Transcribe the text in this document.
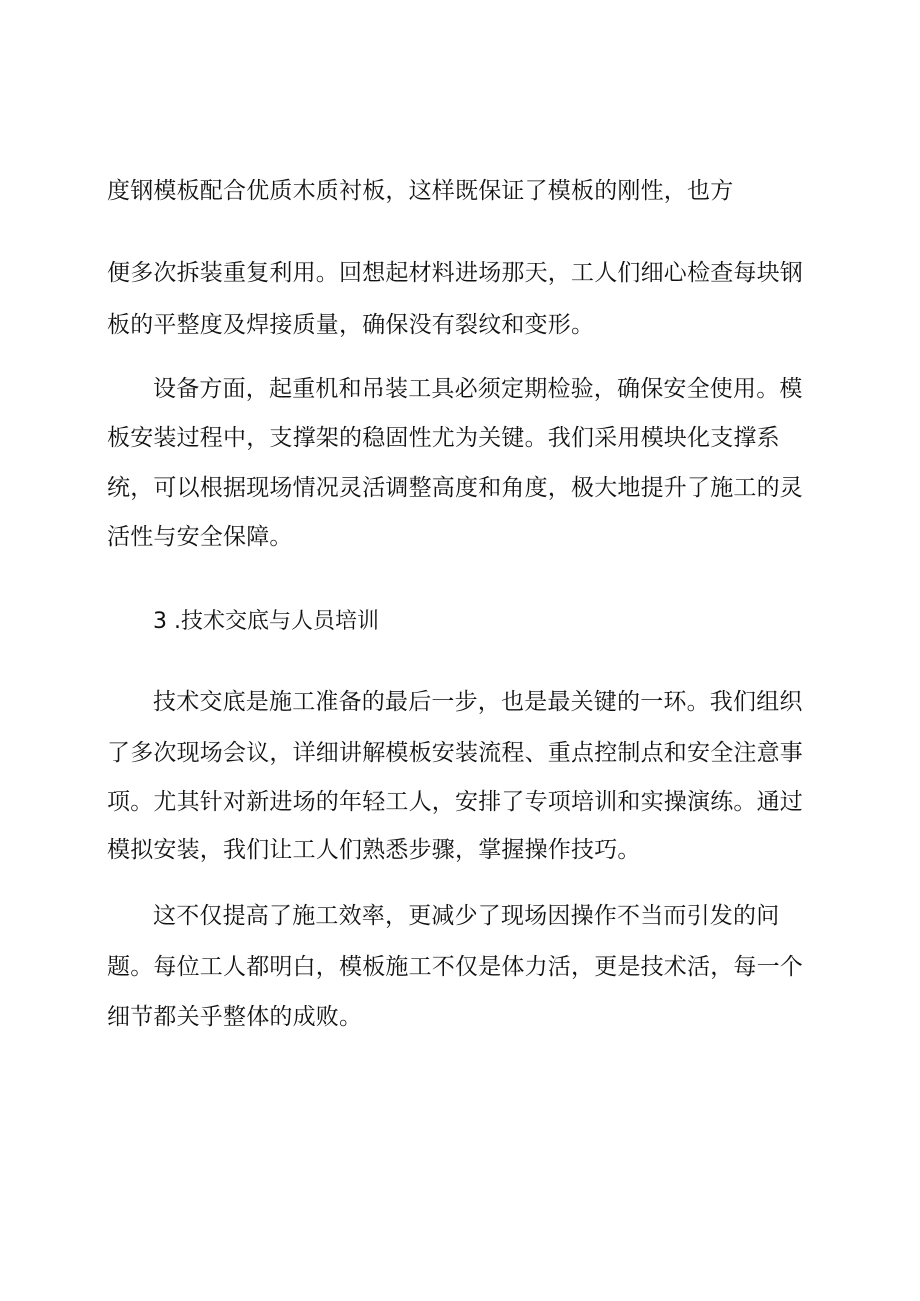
度钢模板配合优质木质衬板，这样既保证了模板的刚性，也方
便多次拆装重复利用。回想起材料进场那天，工人们细心检查每块钢
板的平整度及焊接质量，确保没有裂纹和变形。
设备方面，起重机和吊装工具必须定期检验，确保安全使用。模
板安装过程中，支撑架的稳固性尤为关键。我们采用模块化支撑系
统，可以根据现场情况灵活调整高度和角度，极大地提升了施工的灵
活性与安全保障。
3 .技术交底与人员培训
技术交底是施工准备的最后一步，也是最关键的一环。我们组织
了多次现场会议，详细讲解模板安装流程、重点控制点和安全注意事
项。尤其针对新进场的年轻工人，安排了专项培训和实操演练。通过
模拟安装，我们让工人们熟悉步骤，掌握操作技巧。
这不仅提高了施工效率，更减少了现场因操作不当而引发的问
题。每位工人都明白，模板施工不仅是体力活，更是技术活，每一个
细节都关乎整体的成败。
